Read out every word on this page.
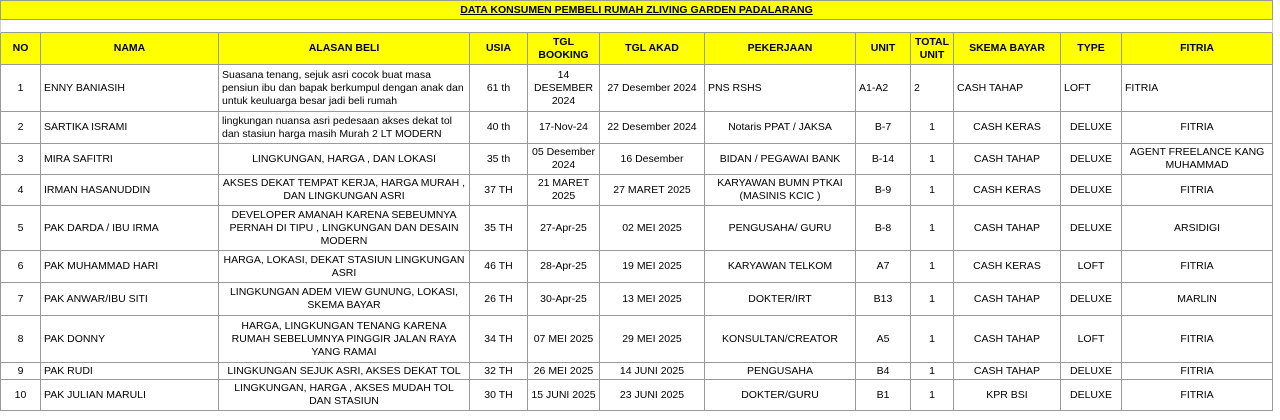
DATA KONSUMEN PEMBELI RUMAH ZLIVING GARDEN PADALARANG											

NO	NAMA	ALASAN BELI	USIA	TGL BOOKING	TGL AKAD	PEKERJAAN	UNIT	TOTAL UNIT	SKEMA BAYAR	TYPE	FITRIA
1	ENNY BANIASIH	Suasana tenang, sejuk asri cocok buat masa pensiun ibu dan bapak berkumpul dengan anak dan untuk keuluarga besar jadi beli rumah	61 th	14 DESEMBER 2024	27 Desember 2024	PNS RSHS	A1-A2	2	CASH TAHAP	LOFT	FITRIA
2	SARTIKA ISRAMI	lingkungan nuansa asri pedesaan akses dekat tol dan stasiun harga masih Murah 2 LT MODERN	40 th	17-Nov-24	22 Desember 2024	Notaris PPAT / JAKSA	B-7	1	CASH KERAS	DELUXE	FITRIA
3	MIRA SAFITRI	LINGKUNGAN, HARGA , DAN LOKASI	35 th	05 Desember 2024	16 Desember	BIDAN / PEGAWAI BANK	B-14	1	CASH TAHAP	DELUXE	AGENT FREELANCE KANG MUHAMMAD
4	IRMAN HASANUDDIN	AKSES DEKAT TEMPAT KERJA, HARGA MURAH , DAN LINGKUNGAN ASRI	37 TH	21 MARET 2025	27 MARET 2025	KARYAWAN BUMN PTKAI (MASINIS KCIC )	B-9	1	CASH KERAS	DELUXE	FITRIA
5	PAK DARDA / IBU IRMA	DEVELOPER AMANAH KARENA SEBEUMNYA PERNAH DI TIPU , LINGKUNGAN DAN DESAIN MODERN	35 TH	27-Apr-25	02 MEI 2025	PENGUSAHA/ GURU	B-8	1	CASH TAHAP	DELUXE	ARSIDIGI
6	PAK MUHAMMAD HARI	HARGA, LOKASI, DEKAT STASIUN LINGKUNGAN ASRI	46 TH	28-Apr-25	19 MEI 2025	KARYAWAN TELKOM	A7	1	CASH KERAS	LOFT	FITRIA
7	PAK ANWAR/IBU SITI	LINGKUNGAN ADEM VIEW GUNUNG, LOKASI, SKEMA BAYAR	26 TH	30-Apr-25	13 MEI 2025	DOKTER/IRT	B13	1	CASH TAHAP	DELUXE	MARLIN
8	PAK DONNY	HARGA, LINGKUNGAN TENANG KARENA RUMAH SEBELUMNYA PINGGIR JALAN RAYA YANG RAMAI	34 TH	07 MEI 2025	29 MEI 2025	KONSULTAN/CREATOR	A5	1	CASH TAHAP	LOFT	FITRIA
9	PAK RUDI	LINGKUNGAN SEJUK ASRI, AKSES DEKAT TOL	32 TH	26 MEI 2025	14 JUNI 2025	PENGUSAHA	B4	1	CASH TAHAP	DELUXE	FITRIA
10	PAK JULIAN MARULI	LINGKUNGAN, HARGA , AKSES MUDAH TOL DAN STASIUN	30 TH	15 JUNI 2025	23 JUNI 2025	DOKTER/GURU	B1	1	KPR BSI	DELUXE	FITRIA
